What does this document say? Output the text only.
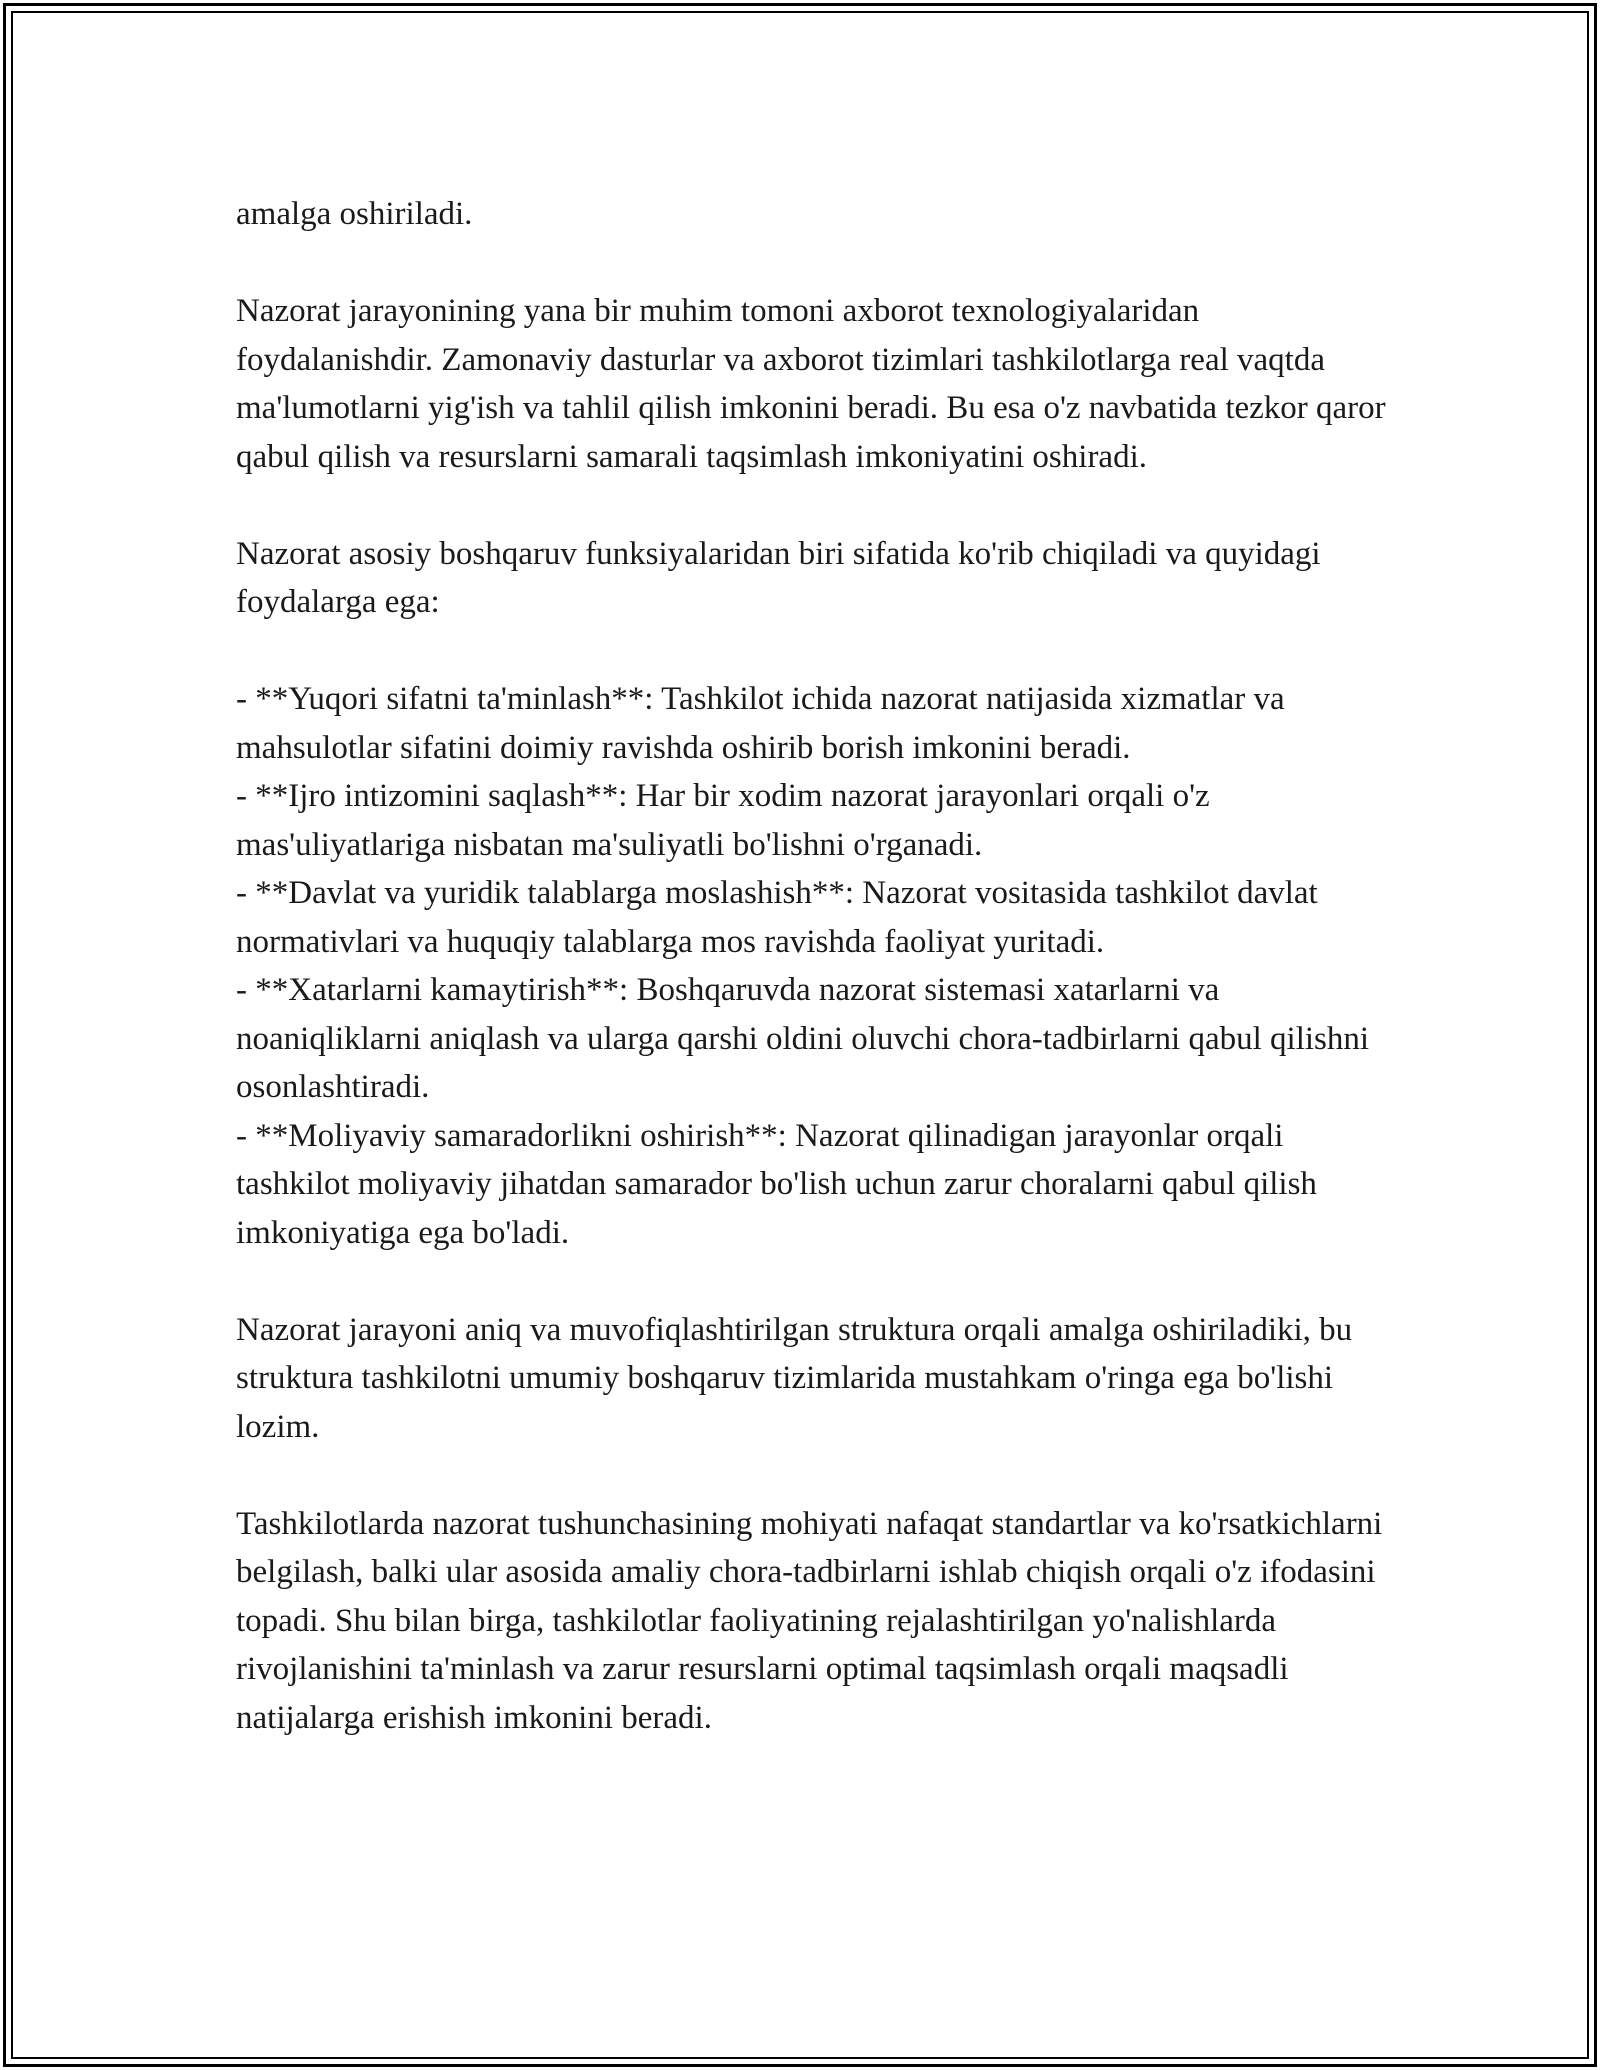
amalga oshiriladi.

Nazorat jarayonining yana bir muhim tomoni axborot texnologiyalaridan foydalanishdir. Zamonaviy dasturlar va axborot tizimlari tashkilotlarga real vaqtda ma'lumotlarni yig'ish va tahlil qilish imkonini beradi. Bu esa o'z navbatida tezkor qaror qabul qilish va resurslarni samarali taqsimlash imkoniyatini oshiradi.

Nazorat asosiy boshqaruv funksiyalaridan biri sifatida ko'rib chiqiladi va quyidagi foydalarga ega:

- **Yuqori sifatni ta'minlash**: Tashkilot ichida nazorat natijasida xizmatlar va mahsulotlar sifatini doimiy ravishda oshirib borish imkonini beradi.
- **Ijro intizomini saqlash**: Har bir xodim nazorat jarayonlari orqali o'z mas'uliyatlariga nisbatan ma'suliyatli bo'lishni o'rganadi.
- **Davlat va yuridik talablarga moslashish**: Nazorat vositasida tashkilot davlat normativlari va huquqiy talablarga mos ravishda faoliyat yuritadi.
- **Xatarlarni kamaytirish**: Boshqaruvda nazorat sistemasi xatarlarni va noaniqliklarni aniqlash va ularga qarshi oldini oluvchi chora-tadbirlarni qabul qilishni osonlashtiradi.
- **Moliyaviy samaradorlikni oshirish**: Nazorat qilinadigan jarayonlar orqali tashkilot moliyaviy jihatdan samarador bo'lish uchun zarur choralarni qabul qilish imkoniyatiga ega bo'ladi.

Nazorat jarayoni aniq va muvofiqlashtirilgan struktura orqali amalga oshiriladiki, bu struktura tashkilotni umumiy boshqaruv tizimlarida mustahkam o'ringa ega bo'lishi lozim.

Tashkilotlarda nazorat tushunchasining mohiyati nafaqat standartlar va ko'rsatkichlarni belgilash, balki ular asosida amaliy chora-tadbirlarni ishlab chiqish orqali o'z ifodasini topadi. Shu bilan birga, tashkilotlar faoliyatining rejalashtirilgan yo'nalishlarda rivojlanishini ta'minlash va zarur resurslarni optimal taqsimlash orqali maqsadli natijalarga erishish imkonini beradi.
